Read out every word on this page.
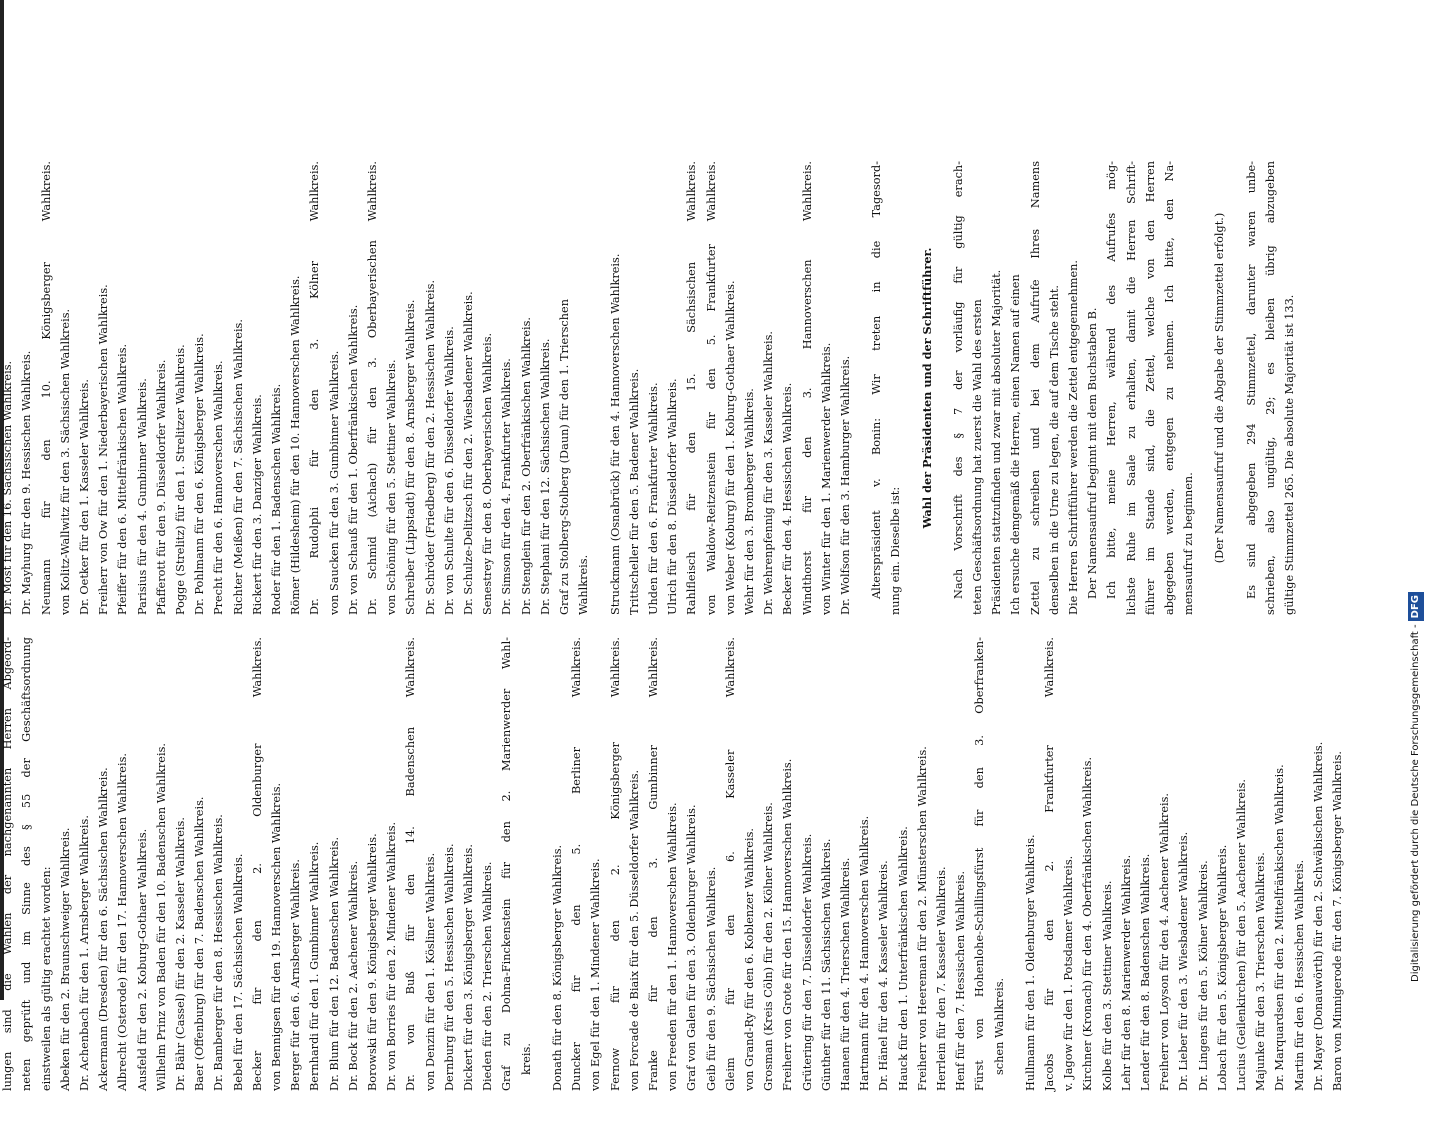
lungen sind die Wahlen der nachgenannten Herren Abgeord- neten geprüft und im Sinne des § 55 der Geschäftsordnung einstweilen als gültig erachtet worden: Abeken für den 2. Braunschweiger Wahlkreis. Dr. Achenbach für den 1. Arnsberger Wahlkreis. Ackermann (Dresden) für den 6. Sächsischen Wahlkreis. Albrecht (Osterode) für den 17. Hannoverschen Wahlkreis. Ausfeld für den 2. Koburg-Gothaer Wahlkreis. Wilhelm Prinz von Baden für den 10. Badenschen Wahlkreis. Dr. Bähr (Cassel) für den 2. Kasseler Wahlkreis. Baer (Offenburg) für den 7. Badenschen Wahlkreis. Dr. Bamberger für den 8. Hessischen Wahlkreis. Bebel für den 17. Sächsischen Wahlkreis. Becker für den 2. Oldenburger Wahlkreis. von Bennigsen für den 19. Hannoverschen Wahlkreis. Berger für den 6. Arnsberger Wahlkreis. Bernhardi für den 1. Gumbinner Wahlkreis. Dr. Blum für den 12. Badenschen Wahlkreis. Dr. Bock für den 2. Aachener Wahlkreis. Borowski für den 9. Königsberger Wahlkreis. Dr. von Borries für den 2. Mindener Wahlkreis. Dr. von Buß für den 14. Badenschen Wahlkreis. von Denzin für den 1. Kösliner Wahlkreis. Dernburg für den 5. Hessischen Wahlkreis. Dickert für den 3. Königsberger Wahlkreis. Dieden für den 2. Trierschen Wahlkreis. Graf zu Dohna-Finckenstein für den 2. Marienwerder Wahl- kreis. Donath für den 8. Königsberger Wahlkreis. Duncker für den 5. Berliner Wahlkreis. von Egel für den 1. Mindener Wahlkreis. Fernow für den 2. Königsberger Wahlkreis. von Forcade de Biaix für den 5. Düsseldorfer Wahlkreis. Franke für den 3. Gumbinner Wahlkreis. von Freeden für den 1. Hannoverschen Wahlkreis. Graf von Galen für den 3. Oldenburger Wahlkreis. Geib für den 9. Sächsischen Wahlkreis. Gleim für den 6. Kasseler Wahlkreis. von Grand-Ry für den 6. Koblenzer Wahlkreis. Grosman (Kreis Cöln) für den 2. Kölner Wahlkreis. Freiherr von Grote für den 15. Hannoverschen Wahlkreis. Grütering für den 7. Düsseldorfer Wahlkreis. Günther für den 11. Sächsischen Wahlkreis. Haanen für den 4. Trierschen Wahlkreis. Hartmann für den 4. Hannoverschen Wahlkreis. Dr. Hänel für den 4. Kasseler Wahlkreis. Hauck für den 1. Unterfränkischen Wahlkreis. Freiherr von Heereman für den 2. Münsterschen Wahlkreis. Herrlein für den 7. Kasseler Wahlkreis. Henf für den 7. Hessischen Wahlkreis. Fürst von Hohenlohe-Schillingsfürst für den 3. Oberfranken- schen Wahlkreis. Hullmann für den 1. Oldenburger Wahlkreis. Jacobs für den 2. Frankfurter Wahlkreis. v. Jagow für den 1. Potsdamer Wahlkreis. Kirchner (Kronach) für den 4. Oberfränkischen Wahlkreis. Kolbe für den 3. Stettiner Wahlkreis. Lehr für den 8. Marienwerder Wahlkreis. Lender für den 8. Badenschen Wahlkreis. Freiherr von Loyson für den 4. Aachener Wahlkreis. Dr. Lieber für den 3. Wiesbadener Wahlkreis. Dr. Lingens für den 5. Kölner Wahlkreis. Lobach für den 5. Königsberger Wahlkreis. Lucius (Geilenkirchen) für den 5. Aachener Wahlkreis. Majunke für den 3. Trierschen Wahlkreis. Dr. Marquardsen für den 2. Mittelfränkischen Wahlkreis. Martin für den 6. Hessischen Wahlkreis. Dr. Mayer (Donauwörth) für den 2. Schwäbischen Wahlkreis. Baron von Minnigerode für den 7. Königsberger Wahlkreis.
Dr. Most für den 16. Sächsischen Wahlkreis. Dr. Mayhurg für den 9. Hessischen Wahlkreis. Neumann für den 10. Königsberger Wahlkreis. von Kolitz-Wallwitz für den 3. Sächsischen Wahlkreis. Dr. Oetker für den 1. Kasseler Wahlkreis. Freiherr von Ow für den 1. Niederbayerischen Wahlkreis. Pfeiffer für den 6. Mittelfränkischen Wahlkreis. Parisius für den 4. Gumbinner Wahlkreis. Pfafferott für den 9. Düsseldorfer Wahlkreis. Pogge (Strelitz) für den 1. Strelitzer Wahlkreis. Dr. Pohlmann für den 6. Königsberger Wahlkreis. Precht für den 6. Hannoverschen Wahlkreis. Richter (Meißen) für den 7. Sächsischen Wahlkreis. Rickert für den 3. Danziger Wahlkreis. Roder für den 1. Badenschen Wahlkreis. Römer (Hildesheim) für den 10. Hannoverschen Wahlkreis. Dr. Rudolphi für den 3. Kölner Wahlkreis. von Saucken für den 3. Gumbinner Wahlkreis. Dr. von Schauß für den 1. Oberfränkischen Wahlkreis. Dr. Schmid (Aichach) für den 3. Oberbayerischen Wahlkreis. von Schöning für den 5. Stettiner Wahlkreis. Schreiber (Lippstadt) für den 8. Arnsberger Wahlkreis. Dr. Schröder (Friedberg) für den 2. Hessischen Wahlkreis. Dr. von Schulte für den 6. Düsseldorfer Wahlkreis. Dr. Schulze-Delitzsch für den 2. Wiesbadener Wahlkreis. Senestrey für den 8. Oberbayerischen Wahlkreis. Dr. Simson für den 4. Frankfurter Wahlkreis. Dr. Stenglein für den 2. Oberfränkischen Wahlkreis. Dr. Stephani für den 12. Sächsischen Wahlkreis. Graf zu Stolberg-Stolberg (Daun) für den 1. Trierschen Wahlkreis. Struckmann (Osnabrück) für den 4. Hannoverschen Wahlkreis. Trittscheller für den 5. Badener Wahlkreis. Uhden für den 6. Frankfurter Wahlkreis. Ulrich für den 8. Düsseldorfer Wahlkreis. Rahlfleisch für den 15. Sächsischen Wahlkreis. von Waldow-Reitzenstein für den 5. Frankfurter Wahlkreis. von Weber (Koburg) für den 1. Koburg-Gothaer Wahlkreis. Wehr für den 3. Bromberger Wahlkreis. Dr. Wehrenpfennig für den 3. Kasseler Wahlkreis. Becker für den 4. Hessischen Wahlkreis. Windthorst für den 3. Hannoverschen Wahlkreis. von Winter für den 1. Marienwerder Wahlkreis. Dr. Wolfson für den 3. Hamburger Wahlkreis. Alterspräsident v. Bonin: Wir treten in die Tagesord- nung ein. Dieselbe ist:
Wahl der Präsidenten und der Schriftführer. Nach Vorschrift des § 7 der vorläufig für gültig erach- teten Geschäftsordnung hat zuerst die Wahl des ersten Präsidenten stattzufinden und zwar mit absoluter Majorität. Ich ersuche demgemäß die Herren, einen Namen auf einen Zettel zu schreiben und bei dem Aufrufe Ihres Namens denselben in die Urne zu legen, die auf dem Tische steht. Die Herren Schriftführer werden die Zettel entgegennehmen. Der Namensaufruf beginnt mit dem Buchstaben B. Ich bitte, meine Herren, während des Aufrufes mög- lichste Ruhe im Saale zu erhalten, damit die Herren Schrift- führer im Stande sind, die Zettel, welche von den Herren abgegeben werden, entgegen zu nehmen. Ich bitte, den Na- mensaufruf zu beginnen. (Der Namensaufruf und die Abgabe der Stimmzettel erfolgt.) Es sind abgegeben 294 Stimmzettel, darunter waren unbe- schrieben, also ungültig, 29; es bleiben übrig abzugeben gültige Stimmzettel 265. Die absolute Majorität ist 133.
Digitalisierung gefördert durch die Deutsche Forschungsgemeinschaft -DFG
